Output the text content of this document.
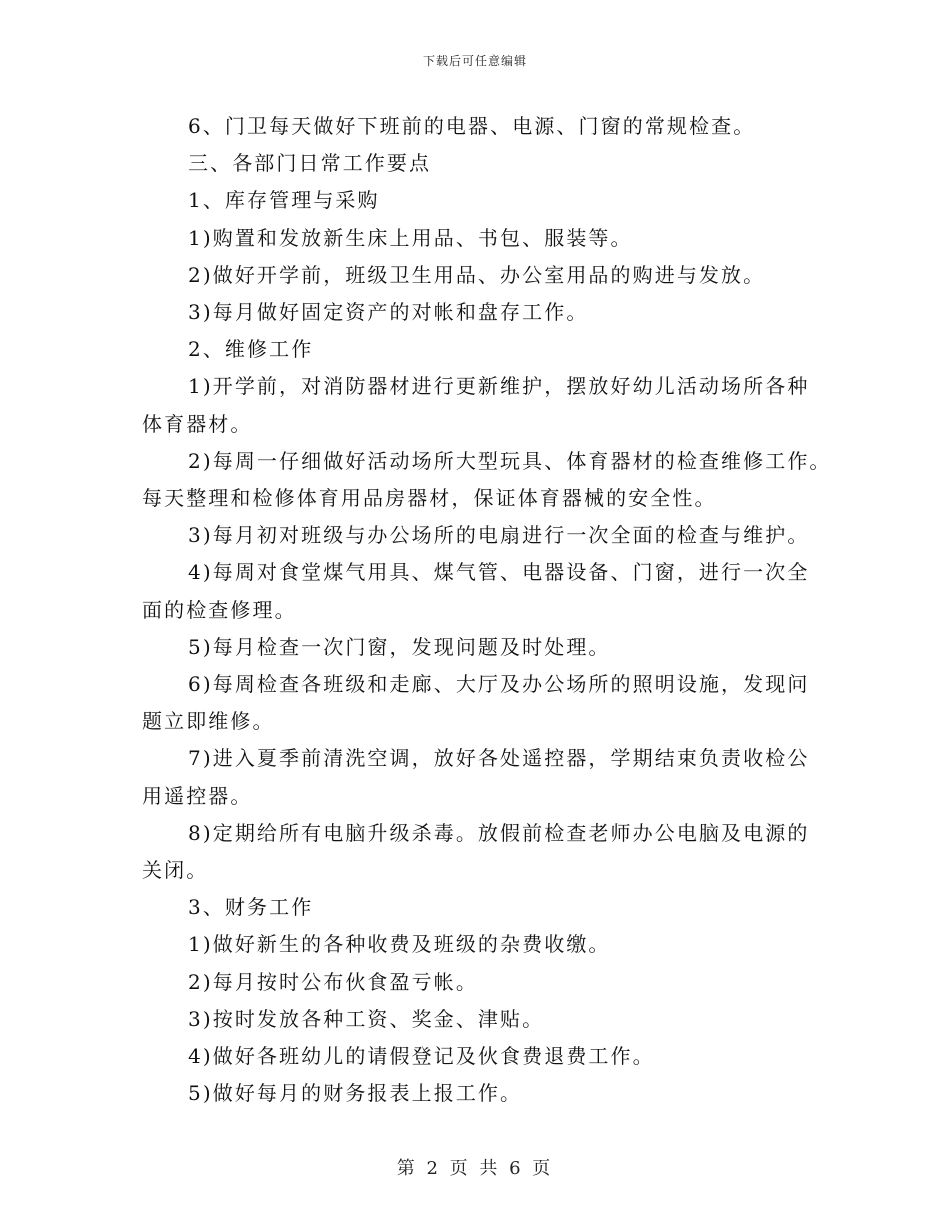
下载后可任意编辑

6、门卫每天做好下班前的电器、电源、门窗的常规检查。

三、各部门日常工作要点

1、库存管理与采购

1)购置和发放新生床上用品、书包、服装等。

2)做好开学前，班级卫生用品、办公室用品的购进与发放。

3)每月做好固定资产的对帐和盘存工作。

2、维修工作

1)开学前，对消防器材进行更新维护，摆放好幼儿活动场所各种

体育器材。

2)每周一仔细做好活动场所大型玩具、体育器材的检查维修工作。

每天整理和检修体育用品房器材，保证体育器械的安全性。

3)每月初对班级与办公场所的电扇进行一次全面的检查与维护。

4)每周对食堂煤气用具、煤气管、电器设备、门窗，进行一次全

面的检查修理。

5)每月检查一次门窗，发现问题及时处理。

6)每周检查各班级和走廊、大厅及办公场所的照明设施，发现问

题立即维修。

7)进入夏季前清洗空调，放好各处遥控器，学期结束负责收检公

用遥控器。

8)定期给所有电脑升级杀毒。放假前检查老师办公电脑及电源的

关闭。

3、财务工作

1)做好新生的各种收费及班级的杂费收缴。

2)每月按时公布伙食盈亏帐。

3)按时发放各种工资、奖金、津贴。

4)做好各班幼儿的请假登记及伙食费退费工作。

5)做好每月的财务报表上报工作。

第 2 页 共 6 页
